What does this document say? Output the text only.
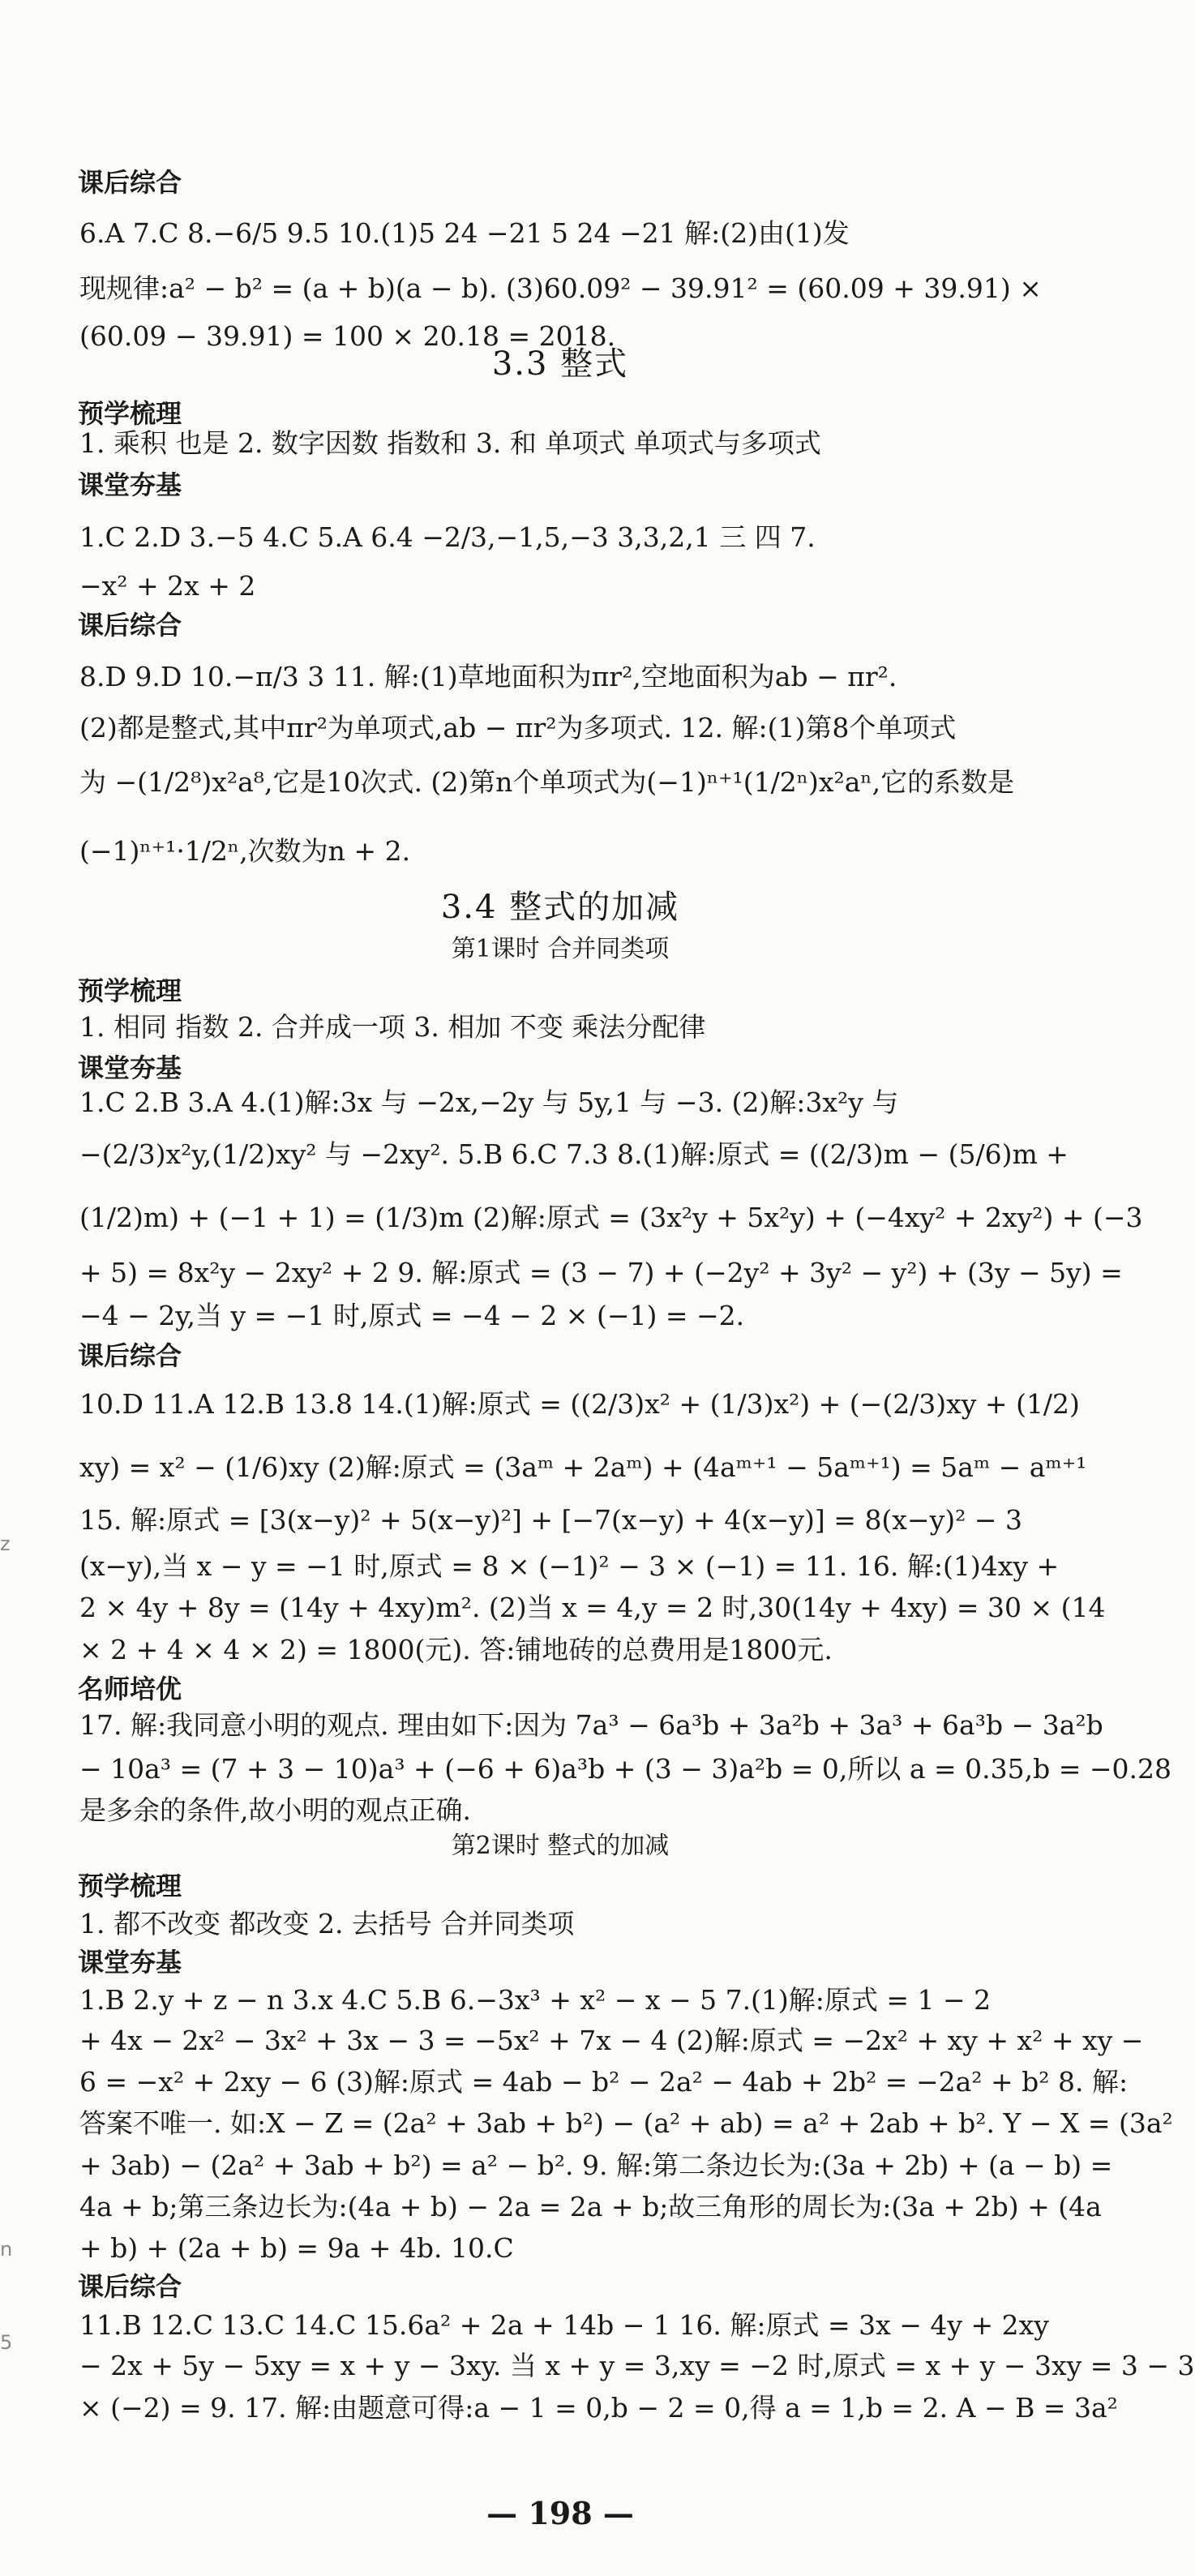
课后综合
6.A 7.C 8.−6/5 9.5 10.(1)5 24 −21 5 24 −21 解:(2)由(1)发
现规律:a² − b² = (a + b)(a − b). (3)60.09² − 39.91² = (60.09 + 39.91) ×
(60.09 − 39.91) = 100 × 20.18 = 2018.
3.3 整式
预学梳理
1. 乘积 也是 2. 数字因数 指数和 3. 和 单项式 单项式与多项式
课堂夯基
1.C 2.D 3.−5 4.C 5.A 6.4 −2/3,−1,5,−3 3,3,2,1 三 四 7.
−x² + 2x + 2
课后综合
8.D 9.D 10.−π/3 3 11. 解:(1)草地面积为πr²,空地面积为ab − πr².
(2)都是整式,其中πr²为单项式,ab − πr²为多项式. 12. 解:(1)第8个单项式
为 −(1/2⁸)x²a⁸,它是10次式. (2)第n个单项式为(−1)ⁿ⁺¹(1/2ⁿ)x²aⁿ,它的系数是
(−1)ⁿ⁺¹·1/2ⁿ,次数为n + 2.
3.4 整式的加减
第1课时 合并同类项
预学梳理
1. 相同 指数 2. 合并成一项 3. 相加 不变 乘法分配律
课堂夯基
1.C 2.B 3.A 4.(1)解:3x 与 −2x,−2y 与 5y,1 与 −3. (2)解:3x²y 与
−(2/3)x²y,(1/2)xy² 与 −2xy². 5.B 6.C 7.3 8.(1)解:原式 = ((2/3)m − (5/6)m +
(1/2)m) + (−1 + 1) = (1/3)m (2)解:原式 = (3x²y + 5x²y) + (−4xy² + 2xy²) + (−3
+ 5) = 8x²y − 2xy² + 2 9. 解:原式 = (3 − 7) + (−2y² + 3y² − y²) + (3y − 5y) =
−4 − 2y,当 y = −1 时,原式 = −4 − 2 × (−1) = −2.
课后综合
10.D 11.A 12.B 13.8 14.(1)解:原式 = ((2/3)x² + (1/3)x²) + (−(2/3)xy + (1/2)
xy) = x² − (1/6)xy (2)解:原式 = (3aᵐ + 2aᵐ) + (4aᵐ⁺¹ − 5aᵐ⁺¹) = 5aᵐ − aᵐ⁺¹
15. 解:原式 = [3(x−y)² + 5(x−y)²] + [−7(x−y) + 4(x−y)] = 8(x−y)² − 3
(x−y),当 x − y = −1 时,原式 = 8 × (−1)² − 3 × (−1) = 11. 16. 解:(1)4xy +
2 × 4y + 8y = (14y + 4xy)m². (2)当 x = 4,y = 2 时,30(14y + 4xy) = 30 × (14
× 2 + 4 × 4 × 2) = 1800(元). 答:铺地砖的总费用是1800元.
名师培优
17. 解:我同意小明的观点. 理由如下:因为 7a³ − 6a³b + 3a²b + 3a³ + 6a³b − 3a²b
− 10a³ = (7 + 3 − 10)a³ + (−6 + 6)a³b + (3 − 3)a²b = 0,所以 a = 0.35,b = −0.28
是多余的条件,故小明的观点正确.
第2课时 整式的加减
预学梳理
1. 都不改变 都改变 2. 去括号 合并同类项
课堂夯基
1.B 2.y + z − n 3.x 4.C 5.B 6.−3x³ + x² − x − 5 7.(1)解:原式 = 1 − 2
+ 4x − 2x² − 3x² + 3x − 3 = −5x² + 7x − 4 (2)解:原式 = −2x² + xy + x² + xy −
6 = −x² + 2xy − 6 (3)解:原式 = 4ab − b² − 2a² − 4ab + 2b² = −2a² + b² 8. 解:
答案不唯一. 如:X − Z = (2a² + 3ab + b²) − (a² + ab) = a² + 2ab + b². Y − X = (3a²
+ 3ab) − (2a² + 3ab + b²) = a² − b². 9. 解:第二条边长为:(3a + 2b) + (a − b) =
4a + b;第三条边长为:(4a + b) − 2a = 2a + b;故三角形的周长为:(3a + 2b) + (4a
+ b) + (2a + b) = 9a + 4b. 10.C
课后综合
11.B 12.C 13.C 14.C 15.6a² + 2a + 14b − 1 16. 解:原式 = 3x − 4y + 2xy
− 2x + 5y − 5xy = x + y − 3xy. 当 x + y = 3,xy = −2 时,原式 = x + y − 3xy = 3 − 3
× (−2) = 9. 17. 解:由题意可得:a − 1 = 0,b − 2 = 0,得 a = 1,b = 2. A − B = 3a²
z
n
5
— 198 —
